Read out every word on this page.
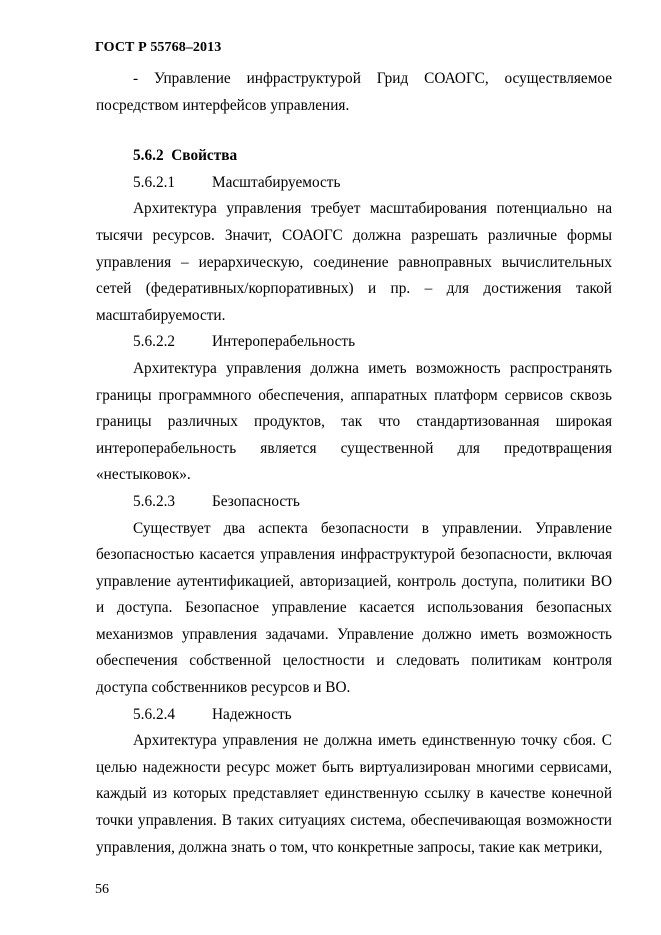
ГОСТ Р 55768–2013

- Управление инфраструктурой Грид СОАОГС, осуществляемое посредством интерфейсов управления.

5.6.2 Свойства

5.6.2.1	Масштабируемость

Архитектура управления требует масштабирования потенциально на тысячи ресурсов. Значит, СОАОГС должна разрешать различные формы управления – иерархическую, соединение равноправных вычислительных сетей (федеративных/корпоративных) и пр. – для достижения такой масштабируемости.

5.6.2.2	Интероперабельность

Архитектура управления должна иметь возможность распространять границы программного обеспечения, аппаратных платформ сервисов сквозь границы различных продуктов, так что стандартизованная широкая интероперабельность является существенной для предотвращения «нестыковок».

5.6.2.3	Безопасность

Существует два аспекта безопасности в управлении. Управление безопасностью касается управления инфраструктурой безопасности, включая управление аутентификацией, авторизацией, контроль доступа, политики ВО и доступа. Безопасное управление касается использования безопасных механизмов управления задачами. Управление должно иметь возможность обеспечения собственной целостности и следовать политикам контроля доступа собственников ресурсов и ВО.

5.6.2.4	Надежность

Архитектура управления не должна иметь единственную точку сбоя. С целью надежности ресурс может быть виртуализирован многими сервисами, каждый из которых представляет единственную ссылку в качестве конечной точки управления. В таких ситуациях система, обеспечивающая возможности управления, должна знать о том, что конкретные запросы, такие как метрики,

56
